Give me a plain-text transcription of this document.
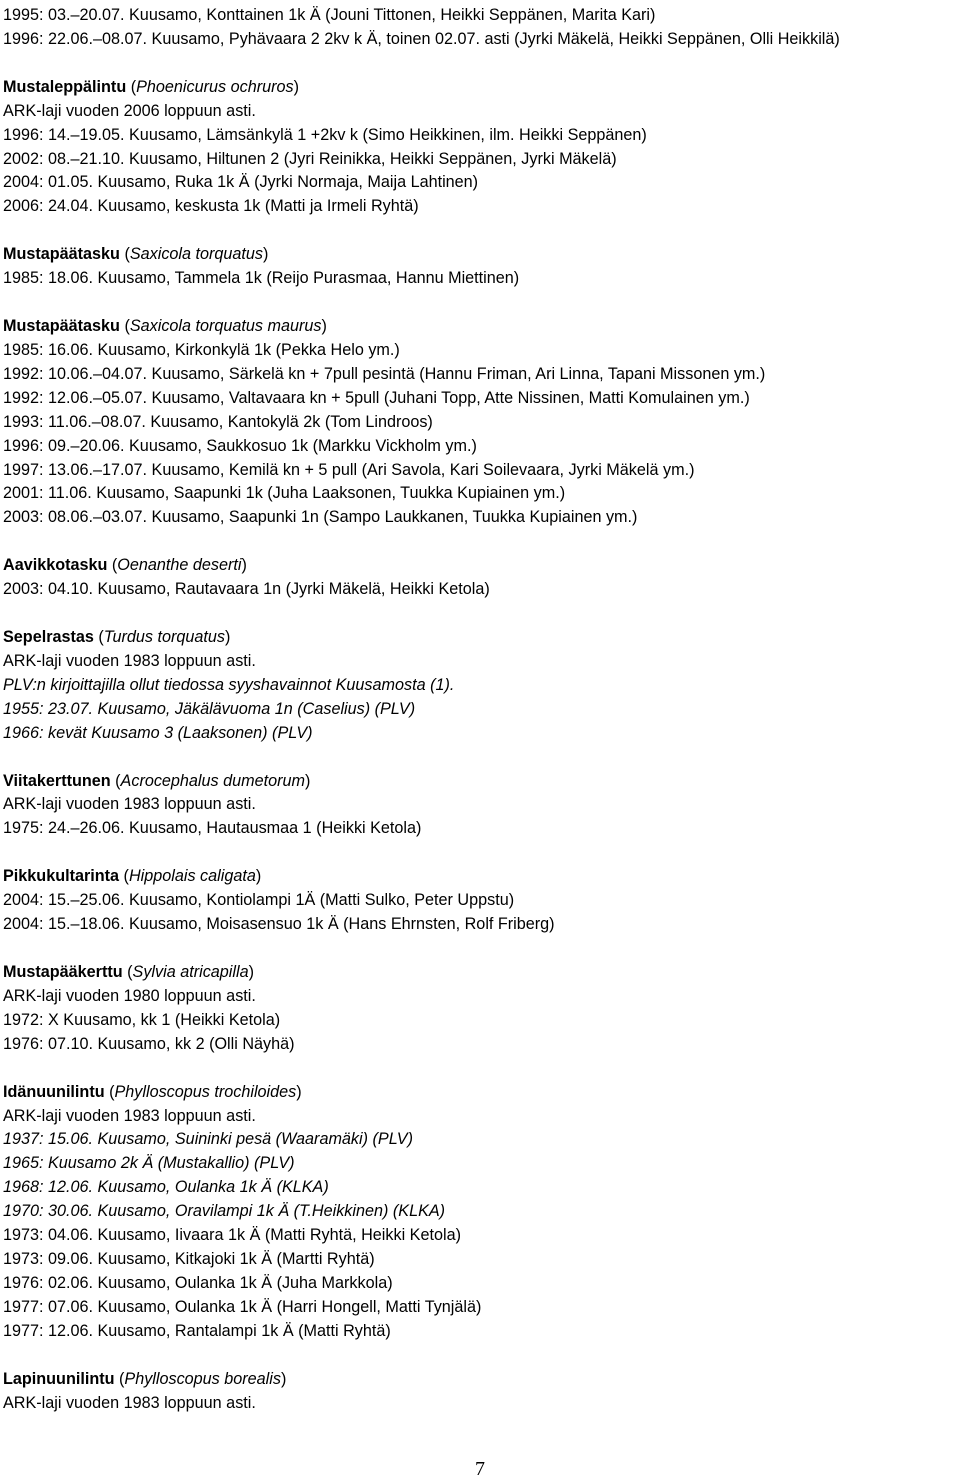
1995: 03.–20.07. Kuusamo, Konttainen 1k Ä (Jouni Tittonen, Heikki Seppänen, Marita Kari)
1996: 22.06.–08.07. Kuusamo, Pyhävaara 2 2kv k Ä, toinen 02.07. asti (Jyrki Mäkelä, Heikki Seppänen, Olli Heikkilä)
Mustaleppälintu (Phoenicurus ochruros)
ARK-laji vuoden 2006 loppuun asti.
1996: 14.–19.05. Kuusamo, Lämsänkylä 1 +2kv k (Simo Heikkinen, ilm. Heikki Seppänen)
2002: 08.–21.10. Kuusamo, Hiltunen 2 (Jyri Reinikka, Heikki Seppänen, Jyrki Mäkelä)
2004: 01.05. Kuusamo, Ruka 1k Ä (Jyrki Normaja, Maija Lahtinen)
2006: 24.04. Kuusamo, keskusta 1k (Matti ja Irmeli Ryhtä)
Mustapäätasku (Saxicola torquatus)
1985: 18.06. Kuusamo, Tammela 1k (Reijo Purasmaa, Hannu Miettinen)
Mustapäätasku (Saxicola torquatus maurus)
1985: 16.06. Kuusamo, Kirkonkylä 1k (Pekka Helo ym.)
1992: 10.06.–04.07. Kuusamo, Särkelä kn + 7pull pesintä (Hannu Friman, Ari Linna, Tapani Missonen ym.)
1992: 12.06.–05.07. Kuusamo, Valtavaara kn + 5pull (Juhani Topp, Atte Nissinen, Matti Komulainen ym.)
1993: 11.06.–08.07. Kuusamo, Kantokylä 2k (Tom Lindroos)
1996: 09.–20.06. Kuusamo, Saukkosuo 1k (Markku Vickholm ym.)
1997: 13.06.–17.07. Kuusamo, Kemilä kn + 5 pull (Ari Savola, Kari Soilevaara, Jyrki Mäkelä ym.)
2001: 11.06. Kuusamo, Saapunki 1k (Juha Laaksonen, Tuukka Kupiainen ym.)
2003: 08.06.–03.07. Kuusamo, Saapunki 1n (Sampo Laukkanen, Tuukka Kupiainen ym.)
Aavikkotasku (Oenanthe deserti)
2003: 04.10. Kuusamo, Rautavaara 1n (Jyrki Mäkelä, Heikki Ketola)
Sepelrastas (Turdus torquatus)
ARK-laji vuoden 1983 loppuun asti.
PLV:n kirjoittajilla ollut tiedossa syyshavainnot Kuusamosta (1).
1955: 23.07. Kuusamo, Jäkälävuoma 1n (Caselius) (PLV)
1966: kevät Kuusamo 3 (Laaksonen) (PLV)
Viitakerttunen (Acrocephalus dumetorum)
ARK-laji vuoden 1983 loppuun asti.
1975: 24.–26.06. Kuusamo, Hautausmaa 1 (Heikki Ketola)
Pikkukultarinta (Hippolais caligata)
2004: 15.–25.06. Kuusamo, Kontiolampi 1Ä (Matti Sulko, Peter Uppstu)
2004: 15.–18.06. Kuusamo, Moisasensuo 1k Ä (Hans Ehrnsten, Rolf Friberg)
Mustapääkerttu (Sylvia atricapilla)
ARK-laji vuoden 1980 loppuun asti.
1972: X Kuusamo, kk 1 (Heikki Ketola)
1976: 07.10. Kuusamo, kk 2 (Olli Näyhä)
Idänuunilintu (Phylloscopus trochiloides)
ARK-laji vuoden 1983 loppuun asti.
1937: 15.06. Kuusamo, Suininki pesä (Waaramäki) (PLV)
1965: Kuusamo 2k Ä (Mustakallio) (PLV)
1968: 12.06. Kuusamo, Oulanka 1k Ä (KLKA)
1970: 30.06. Kuusamo, Oravilampi 1k Ä (T.Heikkinen) (KLKA)
1973: 04.06. Kuusamo, Iivaara 1k Ä (Matti Ryhtä, Heikki Ketola)
1973: 09.06. Kuusamo, Kitkajoki 1k Ä (Martti Ryhtä)
1976: 02.06. Kuusamo, Oulanka 1k Ä (Juha Markkola)
1977: 07.06. Kuusamo, Oulanka 1k Ä (Harri Hongell, Matti Tynjälä)
1977: 12.06. Kuusamo, Rantalampi 1k Ä (Matti Ryhtä)
Lapinuunilintu (Phylloscopus borealis)
ARK-laji vuoden 1983 loppuun asti.
7
